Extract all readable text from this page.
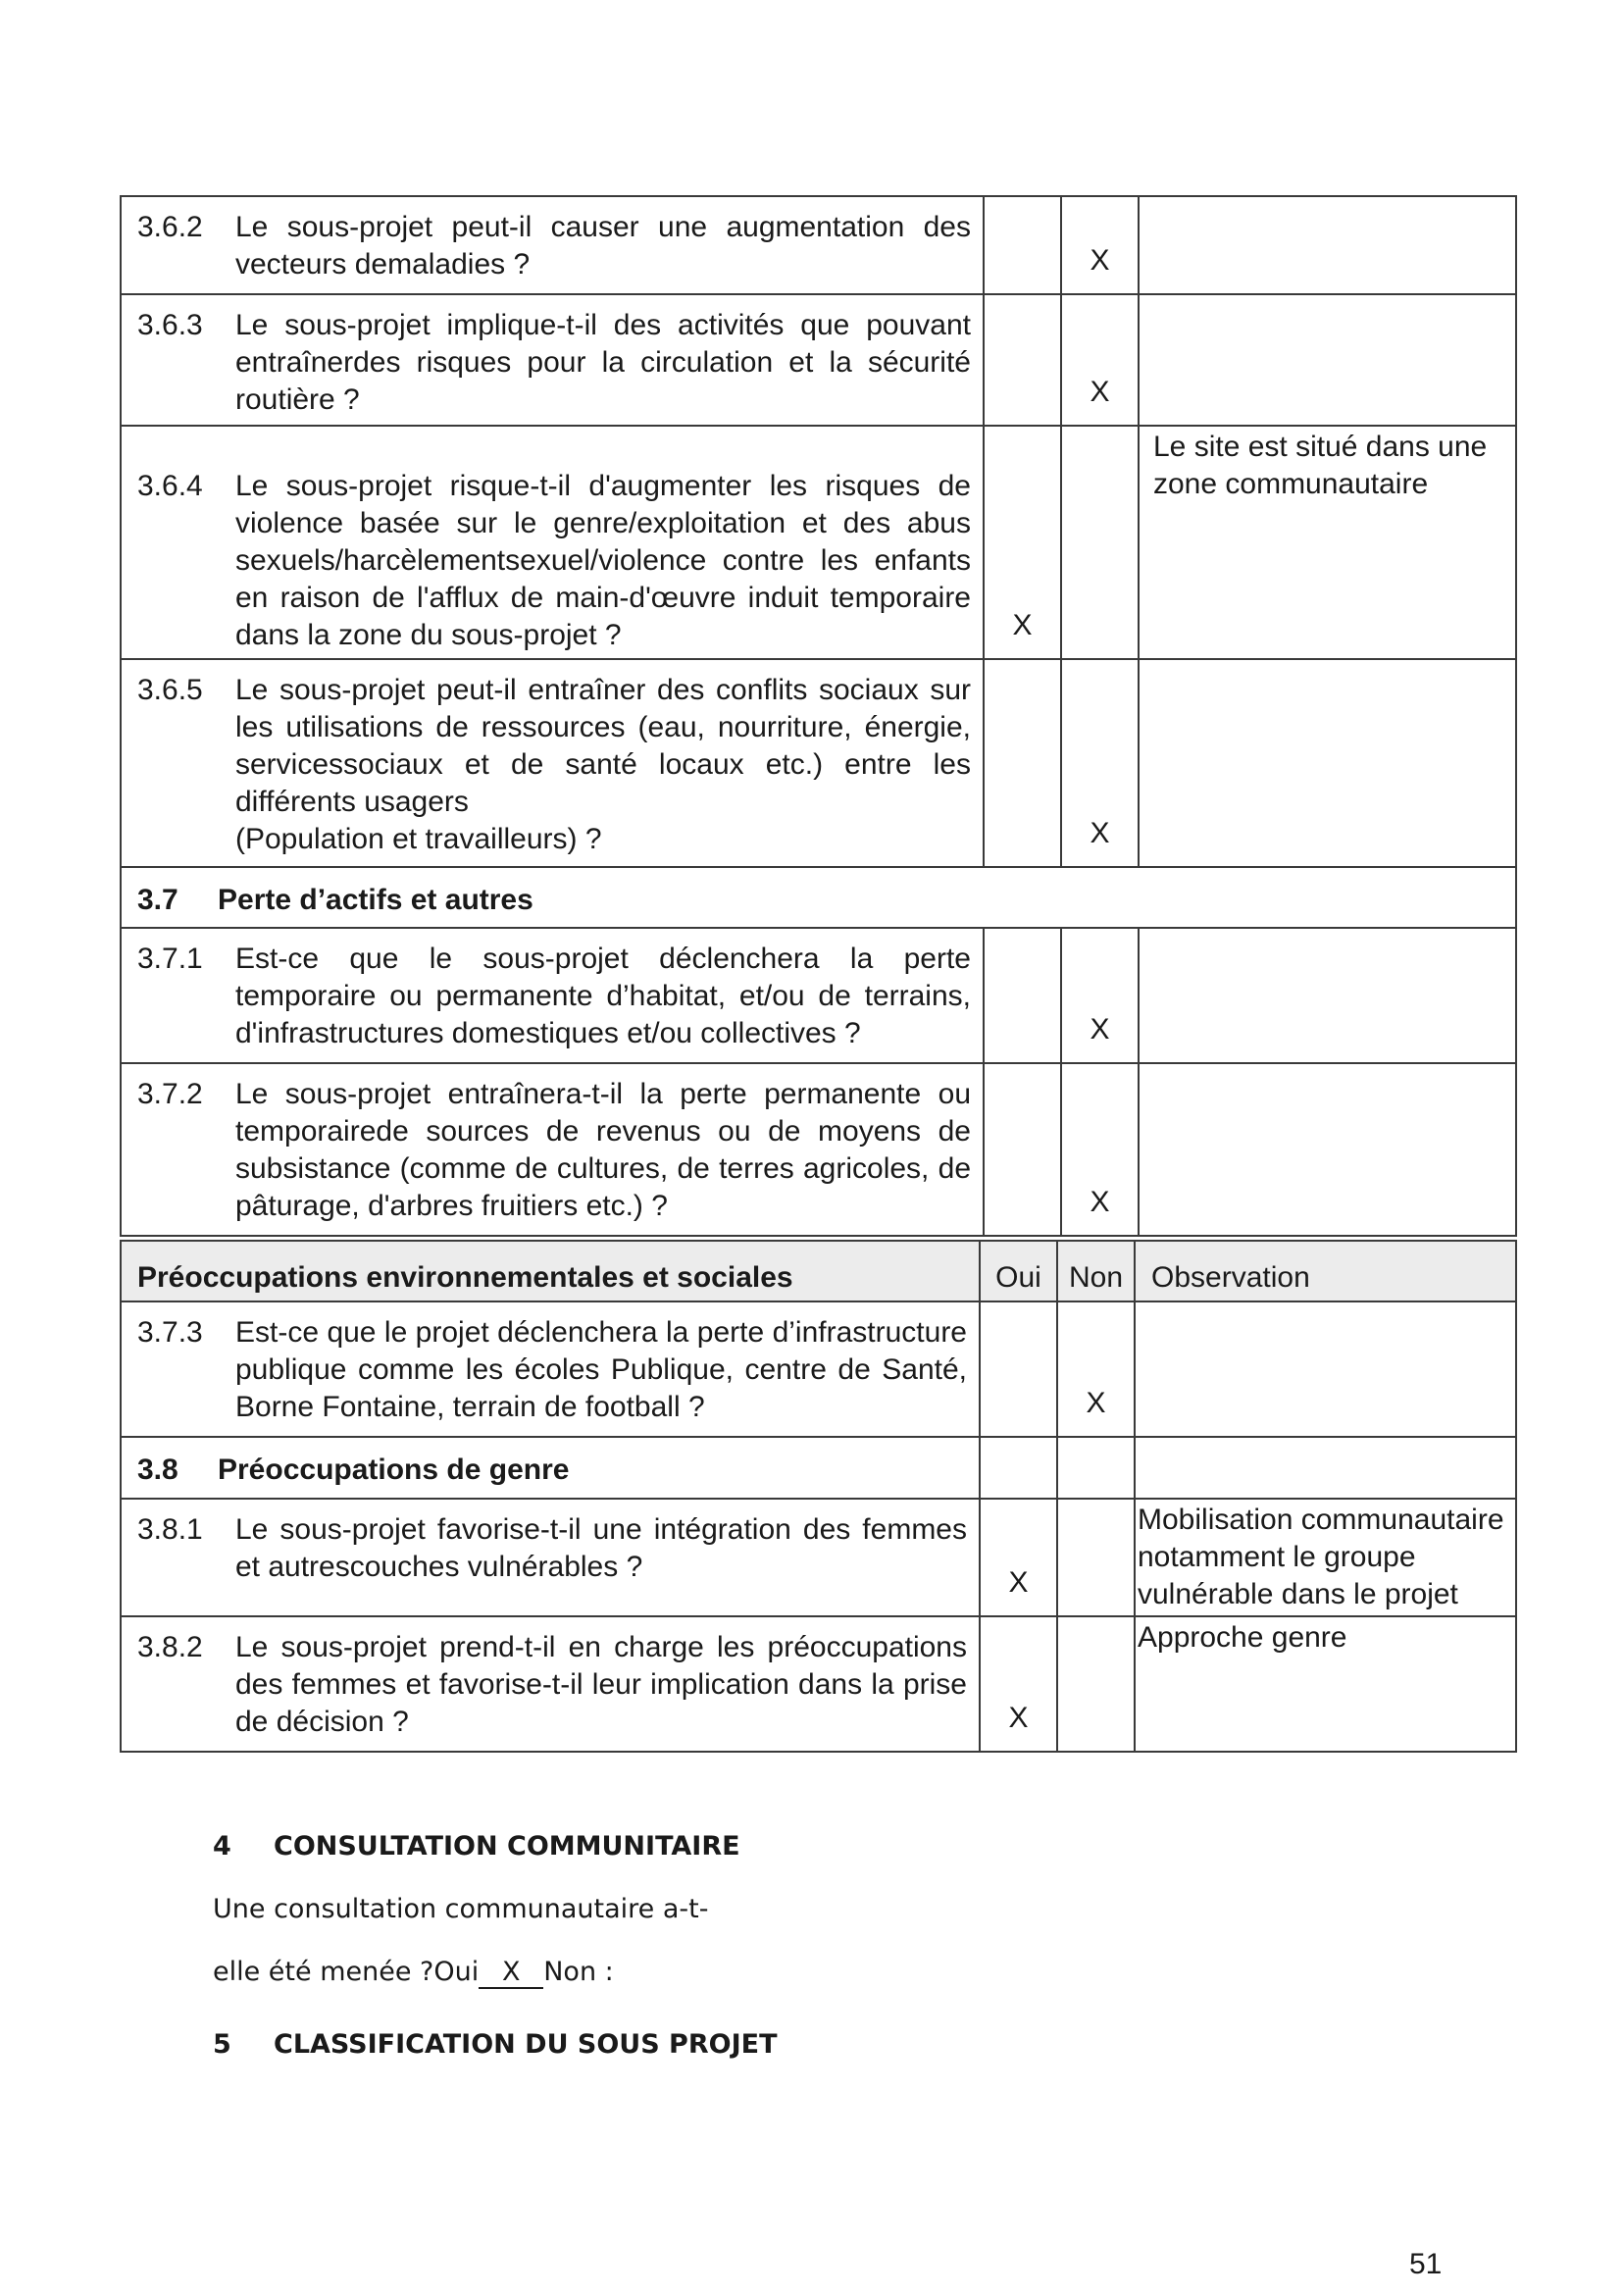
3.6.2 Le sous-projet peut-il causer une augmentation des vecteurs demaladies ?		X	

3.6.3 Le sous-projet implique-t-il des activités que pouvant entraînerdes risques pour la circulation et la sécurité routière ?		X	

3.6.4 Le sous-projet risque-t-il d'augmenter les risques de violence basée sur le genre/exploitation et des abus sexuels/harcèlementsexuel/violence contre les enfants en raison de l'afflux de main-d'œuvre induit temporaire dans la zone du sous-projet ?	X		Le site est situé dans une zone communautaire

3.6.5 Le sous-projet peut-il entraîner des conflits sociaux sur les utilisations de ressources (eau, nourriture, énergie, servicessociaux et de santé locaux etc.) entre les différents usagers
(Population et travailleurs) ?		X	
3.7 Perte d’actifs et autres			

3.7.1 Est-ce que le sous-projet déclenchera la perte temporaire ou permanente d’habitat, et/ou de terrains, d'infrastructures domestiques et/ou collectives ?		X	

3.7.2 Le sous-projet entraînera-t-il la perte permanente ou temporairede sources de revenus ou de moyens de subsistance (comme de cultures, de terres agricoles, de pâturage, d'arbres fruitiers etc.) ?		X	
Préoccupations environnementales et sociales	Oui	Non	Observation

3.7.3 Est-ce que le projet déclenchera la perte d’infrastructure publique comme les écoles Publique, centre de Santé, Borne Fontaine, terrain de football ?		X	
3.8 Préoccupations de genre			

3.8.1 Le sous-projet favorise-t-il une intégration des femmes et autrescouches vulnérables ?	X		Mobilisation communautaire notamment le groupe vulnérable dans le projet

3.8.2 Le sous-projet prend-t-il en charge les préoccupations des femmes et favorise-t-il leur implication dans la prise de décision ?	X		Approche genre
4 CONSULTATION COMMUNITAIRE
Une consultation communautaire a-t-
elle été menée ?Oui X Non :
5 CLASSIFICATION DU SOUS PROJET
51
